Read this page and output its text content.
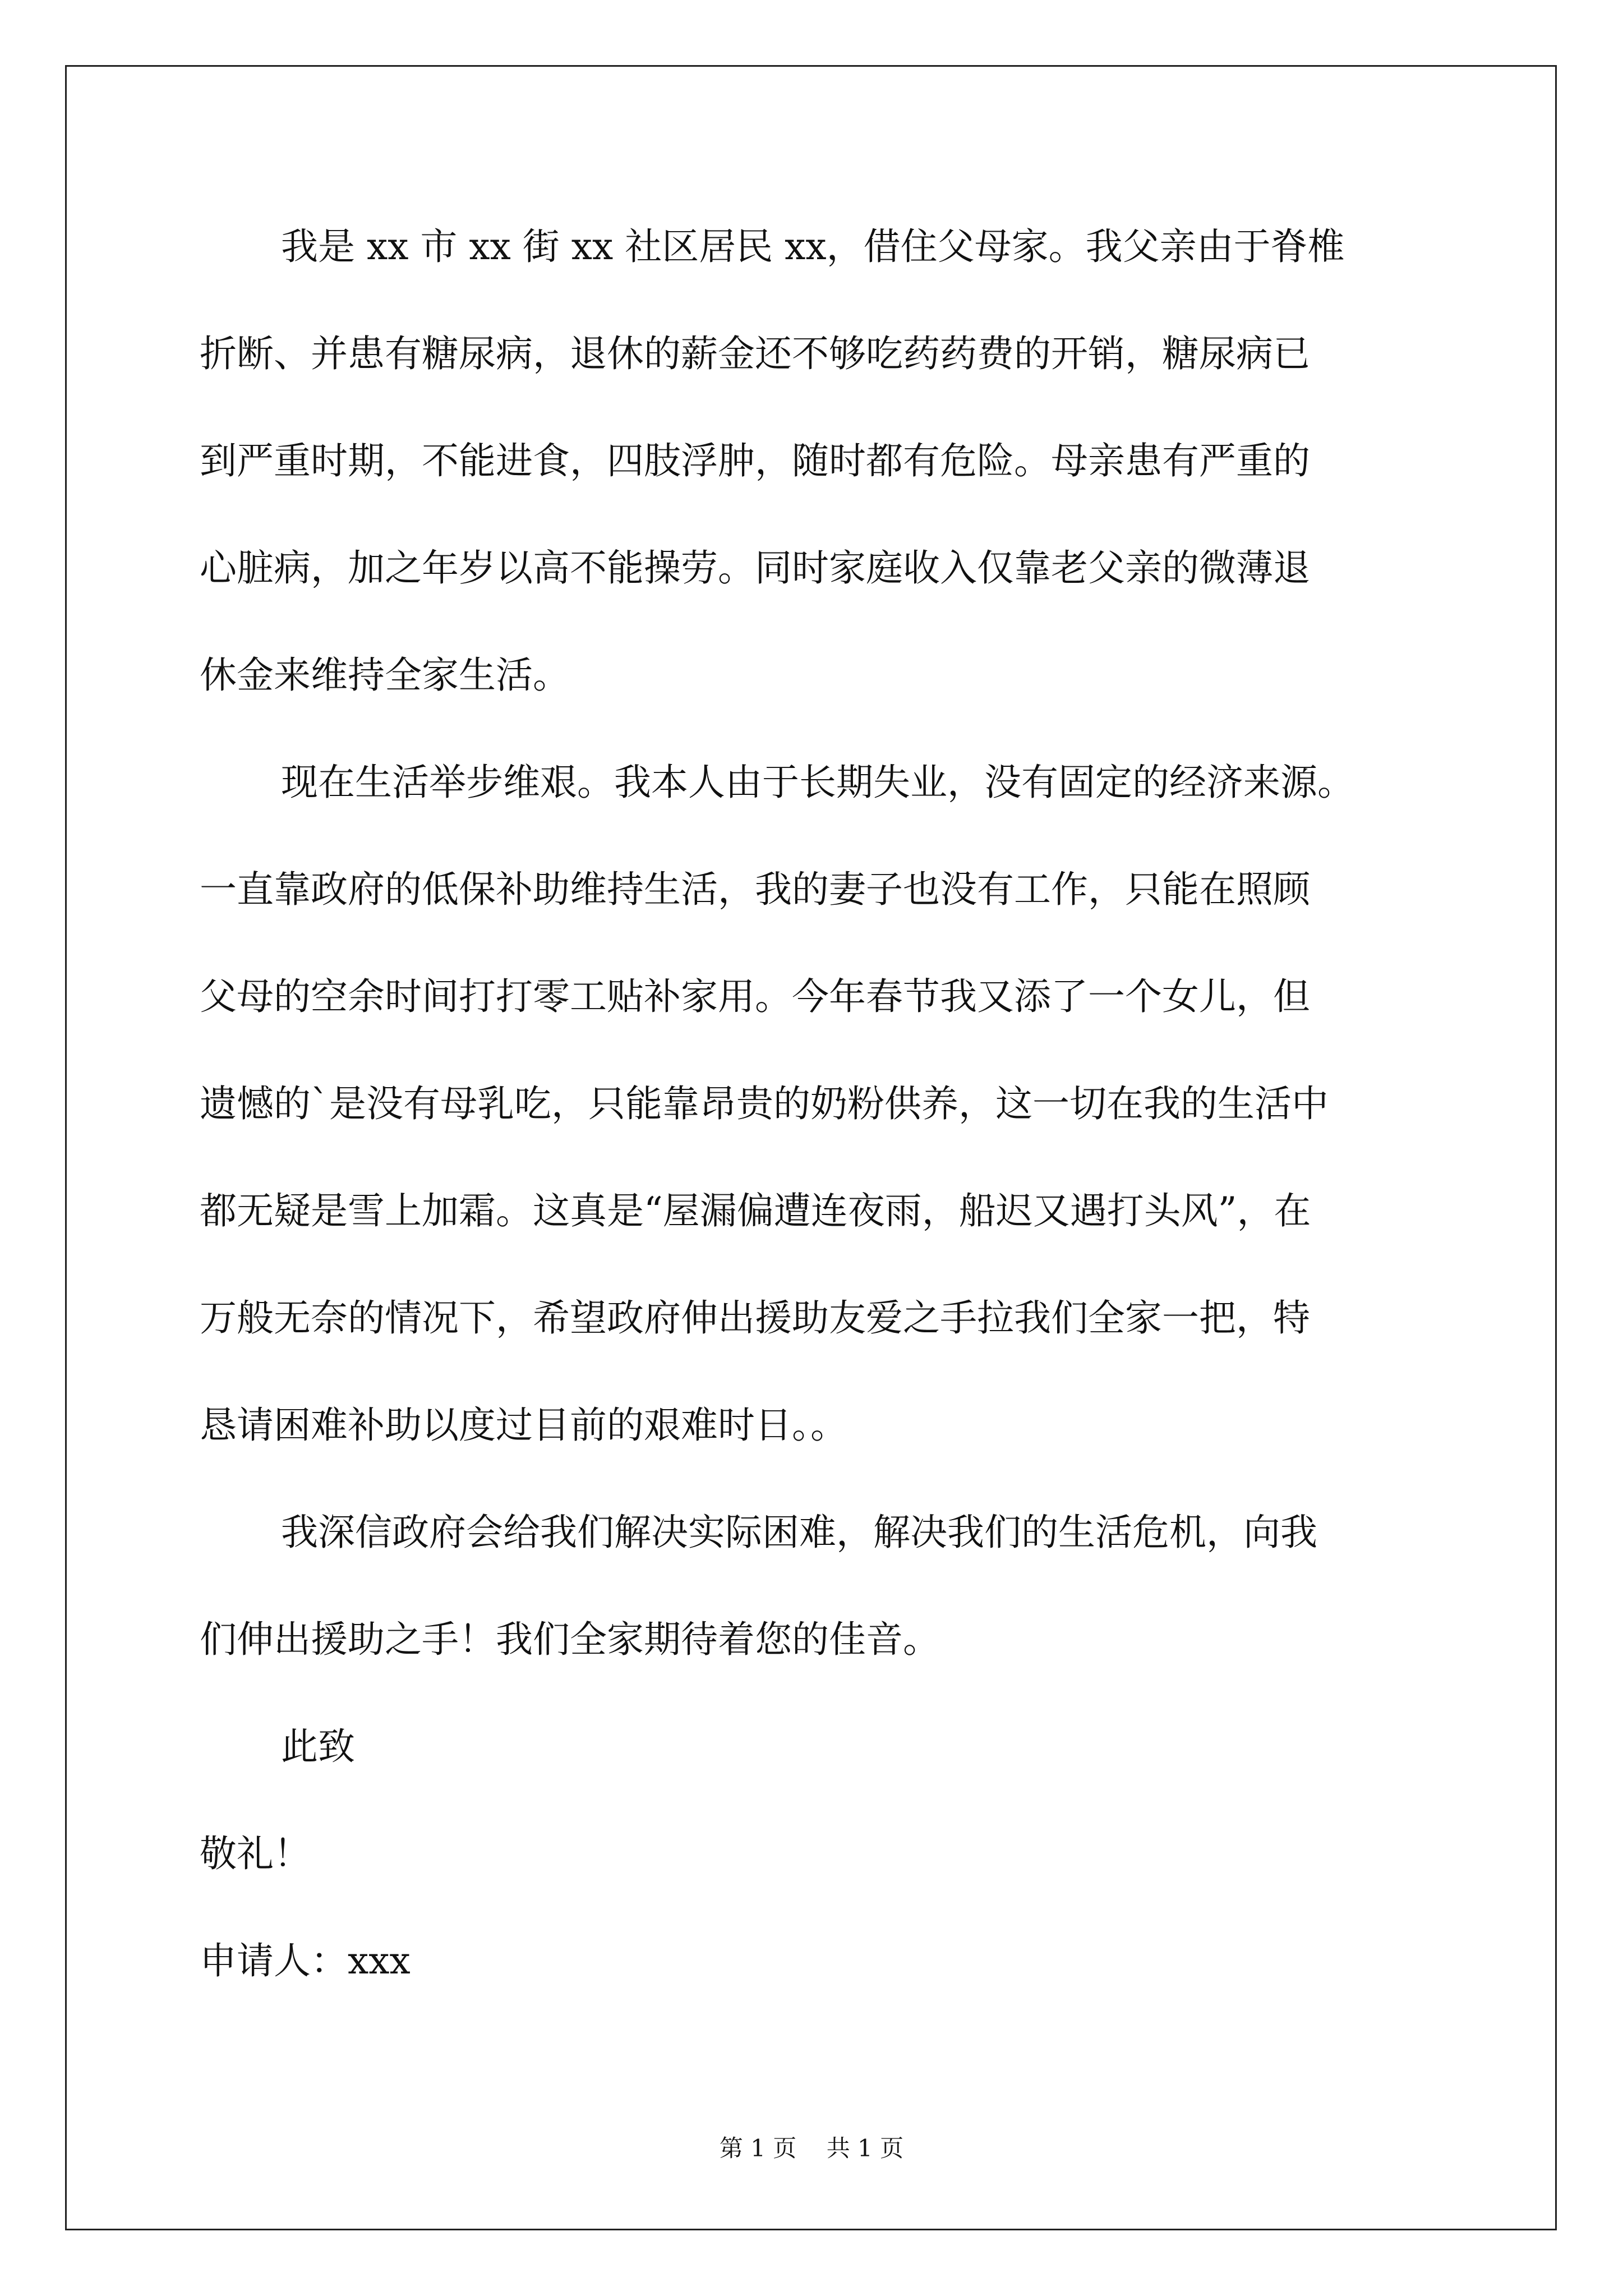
我是 xx 市 xx 街 xx 社区居民 xx，借住父母家。我父亲由于脊椎
折断、并患有糖尿病，退休的薪金还不够吃药药费的开销，糖尿病已
到严重时期，不能进食，四肢浮肿，随时都有危险。母亲患有严重的
心脏病，加之年岁以高不能操劳。同时家庭收入仅靠老父亲的微薄退
休金来维持全家生活。
现在生活举步维艰。我本人由于长期失业，没有固定的经济来源。
一直靠政府的低保补助维持生活，我的妻子也没有工作，只能在照顾
父母的空余时间打打零工贴补家用。今年春节我又添了一个女儿，但
遗憾的`是没有母乳吃，只能靠昂贵的奶粉供养，这一切在我的生活中
都无疑是雪上加霜。这真是“屋漏偏遭连夜雨，船迟又遇打头风”，在
万般无奈的情况下，希望政府伸出援助友爱之手拉我们全家一把，特
恳请困难补助以度过目前的艰难时日。。
我深信政府会给我们解决实际困难，解决我们的生活危机，向我
们伸出援助之手！我们全家期待着您的佳音。
此致
敬礼！
申请人：xxx
第 1 页    共 1 页
